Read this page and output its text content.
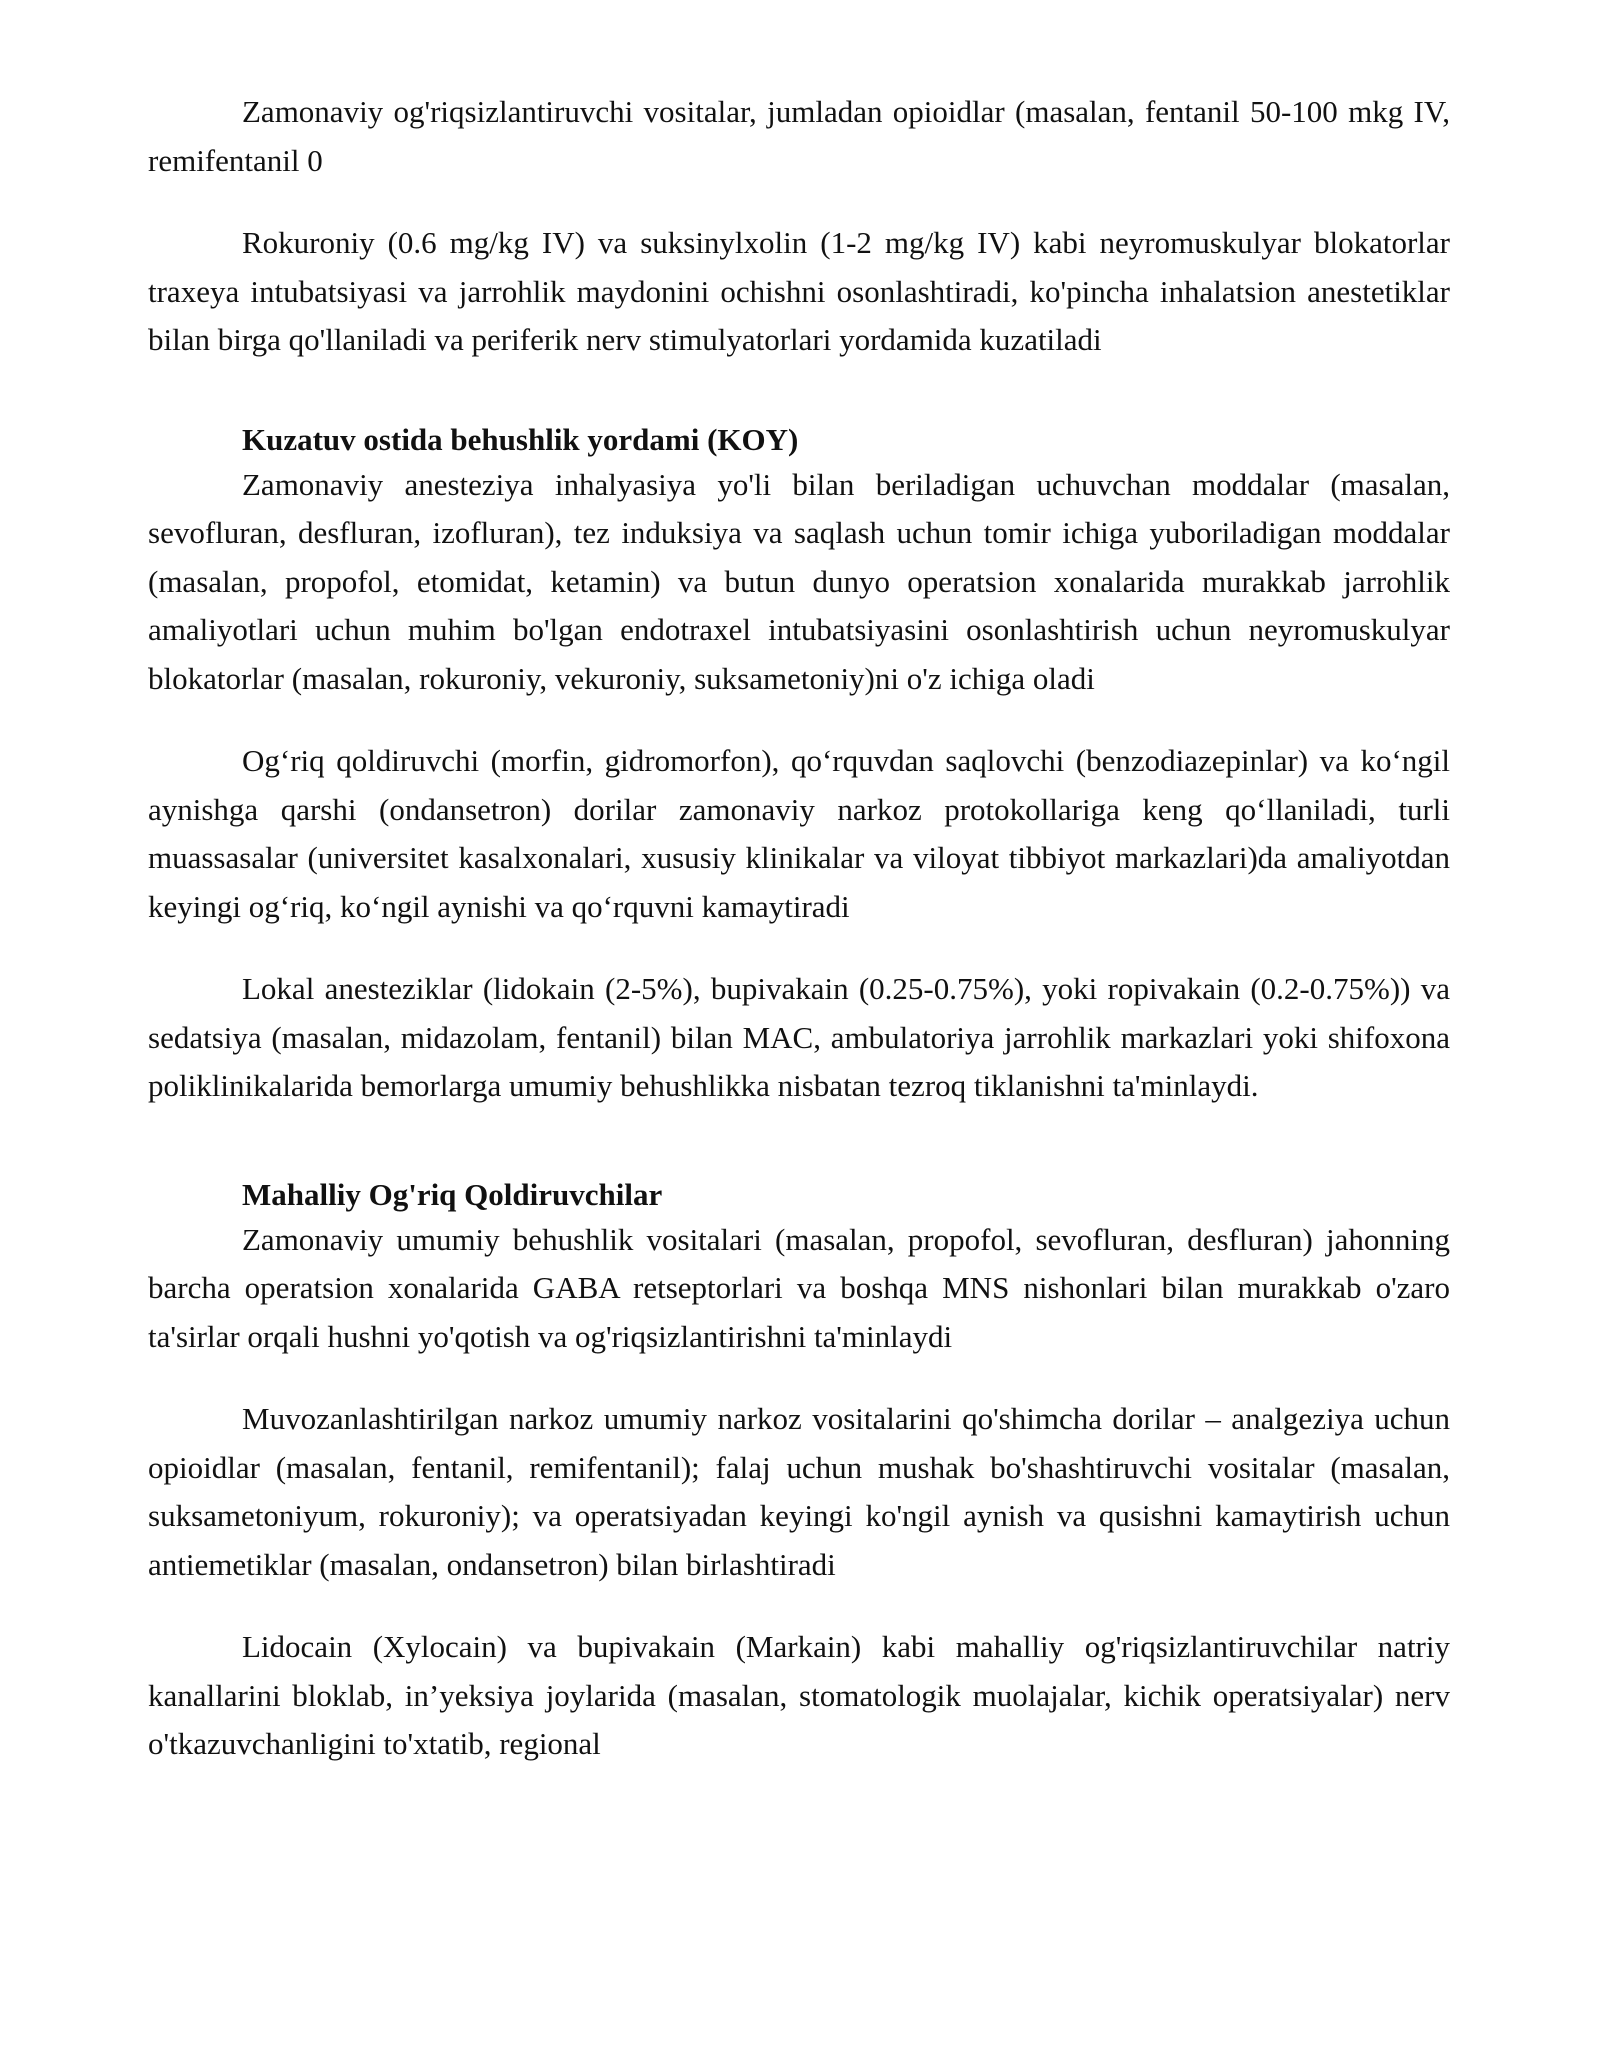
Zamonaviy og'riqsizlantiruvchi vositalar, jumladan opioidlar (masalan, fentanil 50-100 mkg IV, remifentanil 0

Rokuroniy (0.6 mg/kg IV) va suksinylxolin (1-2 mg/kg IV) kabi neyromuskulyar blokatorlar traxeya intubatsiyasi va jarrohlik maydonini ochishni osonlashtiradi, ko'pincha inhalatsion anestetiklar bilan birga qo'llaniladi va periferik nerv stimulyatorlari yordamida kuzatiladi

Kuzatuv ostida behushlik yordami (KOY)

Zamonaviy anesteziya inhalyasiya yo'li bilan beriladigan uchuvchan moddalar (masalan, sevofluran, desfluran, izofluran), tez induksiya va saqlash uchun tomir ichiga yuboriladigan moddalar (masalan, propofol, etomidat, ketamin) va butun dunyo operatsion xonalarida murakkab jarrohlik amaliyotlari uchun muhim bo'lgan endotraxel intubatsiyasini osonlashtirish uchun neyromuskulyar blokatorlar (masalan, rokuroniy, vekuroniy, suksametoniy)ni o'z ichiga oladi

Og‘riq qoldiruvchi (morfin, gidromorfon), qo‘rquvdan saqlovchi (benzodiazepinlar) va ko‘ngil aynishga qarshi (ondansetron) dorilar zamonaviy narkoz protokollariga keng qo‘llaniladi, turli muassasalar (universitet kasalxonalari, xususiy klinikalar va viloyat tibbiyot markazlari)da amaliyotdan keyingi og‘riq, ko‘ngil aynishi va qo‘rquvni kamaytiradi

Lokal anesteziklar (lidokain (2-5%), bupivakain (0.25-0.75%), yoki ropivakain (0.2-0.75%)) va sedatsiya (masalan, midazolam, fentanil) bilan MAC, ambulatoriya jarrohlik markazlari yoki shifoxona poliklinikalarida bemorlarga umumiy behushlikka nisbatan tezroq tiklanishni ta'minlaydi.

Mahalliy Og'riq Qoldiruvchilar

Zamonaviy umumiy behushlik vositalari (masalan, propofol, sevofluran, desfluran) jahonning barcha operatsion xonalarida GABA retseptorlari va boshqa MNS nishonlari bilan murakkab o'zaro ta'sirlar orqali hushni yo'qotish va og'riqsizlantirishni ta'minlaydi

Muvozanlashtirilgan narkoz umumiy narkoz vositalarini qo'shimcha dorilar – analgeziya uchun opioidlar (masalan, fentanil, remifentanil); falaj uchun mushak bo'shashtiruvchi vositalar (masalan, suksametoniyum, rokuroniy); va operatsiyadan keyingi ko'ngil aynish va qusishni kamaytirish uchun antiemetiklar (masalan, ondansetron) bilan birlashtiradi

Lidocain (Xylocain) va bupivakain (Markain) kabi mahalliy og'riqsizlantiruvchilar natriy kanallarini bloklab, in’yeksiya joylarida (masalan, stomatologik muolajalar, kichik operatsiyalar) nerv o'tkazuvchanligini to'xtatib, regional
